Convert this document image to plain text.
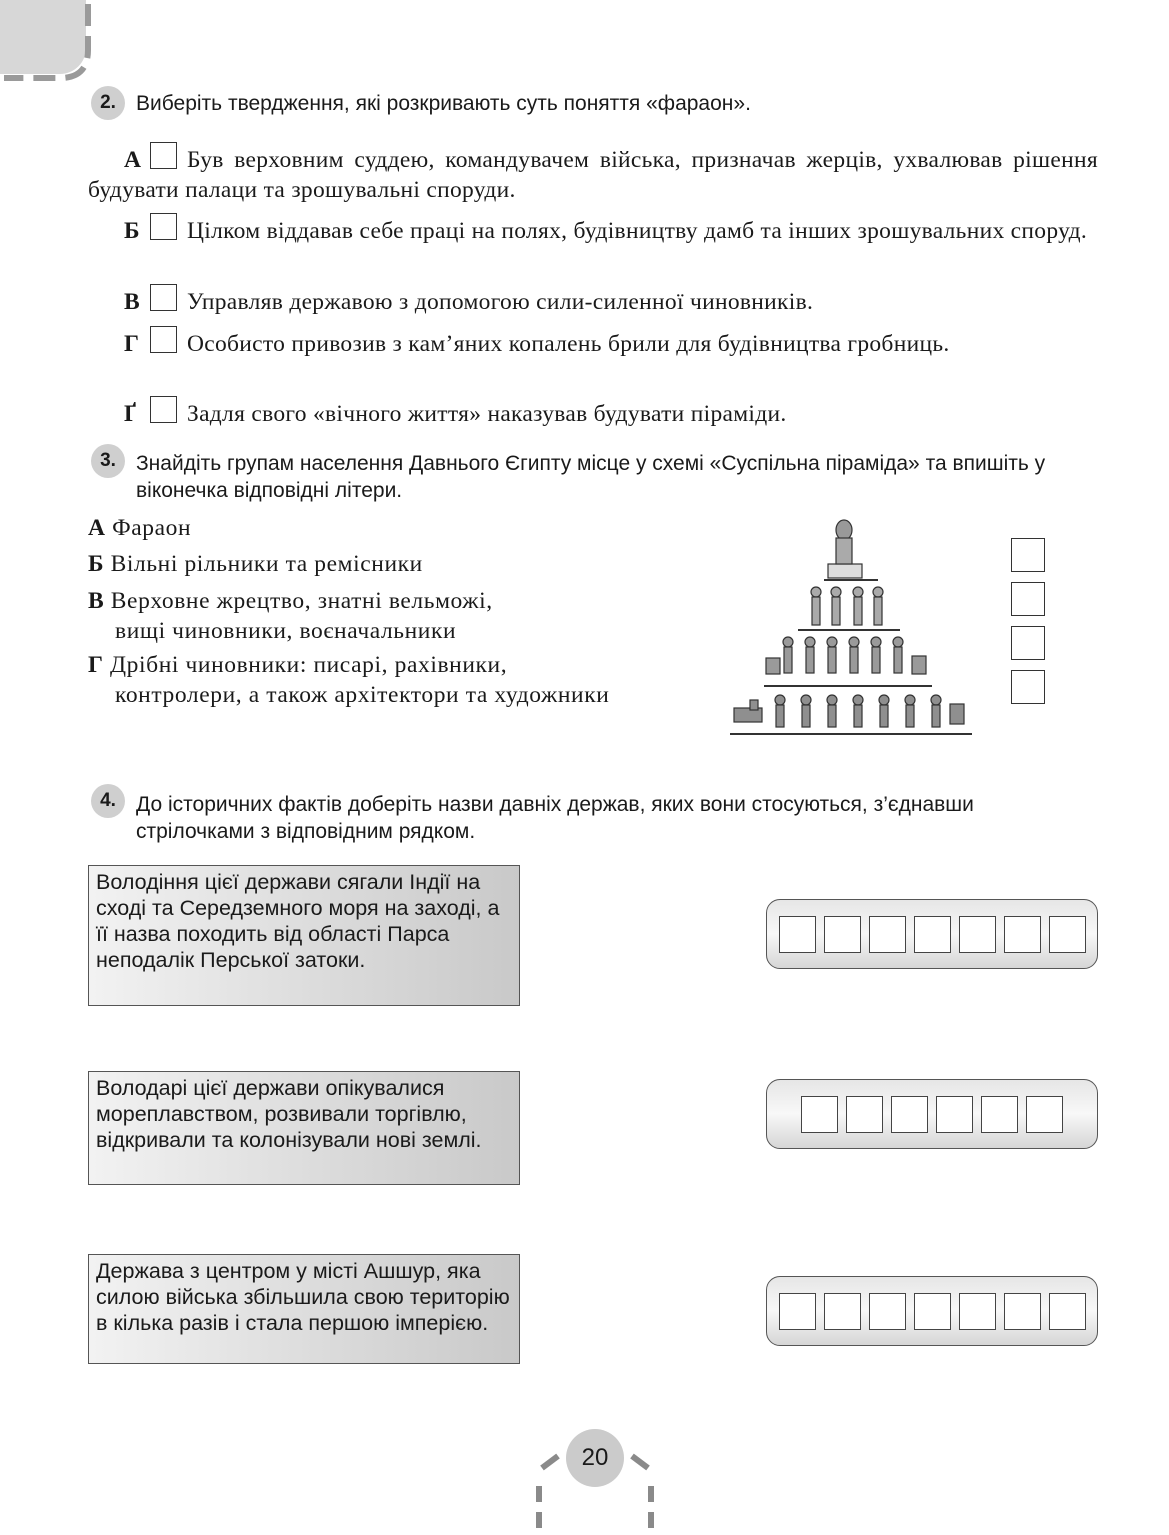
2. Виберіть твердження, які розкривають суть поняття «фараон».
А Був верховним суддею, командувачем війська, призначав жерців, ухвалював рішення будувати палаци та зрошувальні споруди.
Б Цілком віддавав себе праці на полях, будівництву дамб та інших зрошувальних споруд.
В Управляв державою з допомогою сили-силенної чиновників.
Г Особисто привозив з кам’яних копалень брили для будівництва гробниць.
Ґ Задля свого «вічного життя» наказував будувати піраміди.
3. Знайдіть групам населення Давнього Єгипту місце у схемі «Суспільна піраміда» та впишіть у віконечка відповідні літери.
А Фараон
Б Вільні рільники та ремісники
В Верховне жрецтво, знатні вельможі,
вищі чиновники, воєначальники
Г Дрібні чиновники: писарі, рахівники,
контролери, а також архітектори та художники
4. До історичних фактів доберіть назви давніх держав, яких вони стосуються, з’єднавши стрілочками з відповідним рядком.
Володіння цієї держави сягали Індії на сході та Середземного моря на заході, а її назва походить від області Парса неподалік Перської затоки.
Володарі цієї держави опікувалися мореплавством, розвивали торгівлю, відкривали та колонізували нові землі.
Держава з центром у місті Ашшур, яка силою війська збільшила свою територію в кілька разів і стала першою імперією.
20
